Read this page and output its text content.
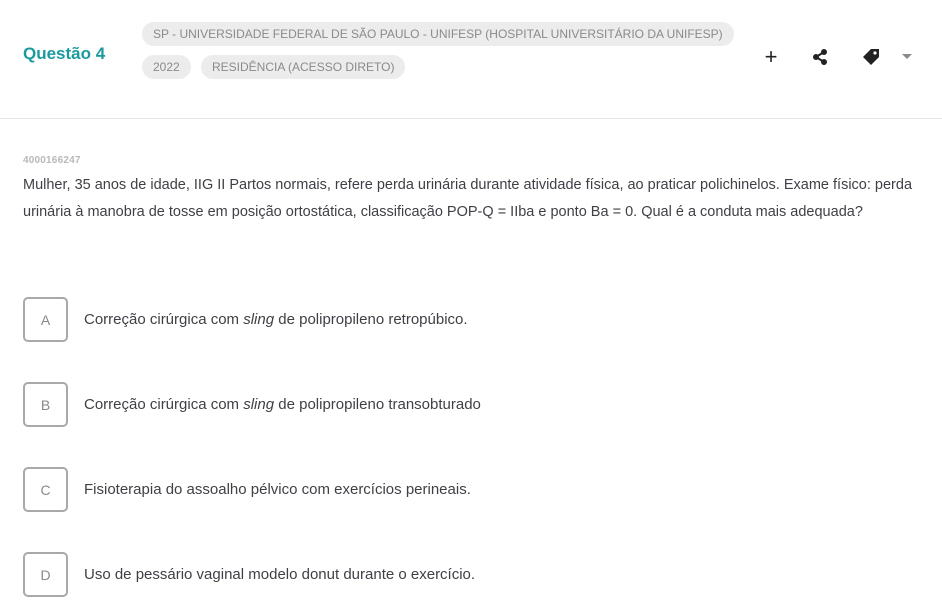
Questão 4
SP - UNIVERSIDADE FEDERAL DE SÃO PAULO - UNIFESP (HOSPITAL UNIVERSITÁRIO DA UNIFESP)
2022	RESIDÊNCIA (ACESSO DIRETO)	+
4000166247
Mulher, 35 anos de idade, IIG II Partos normais, refere perda urinária durante atividade física, ao praticar polichinelos. Exame físico: perda urinária à manobra de tosse em posição ortostática, classificação POP-Q = IIba e ponto Ba = 0. Qual é a conduta mais adequada?
A	Correção cirúrgica com sling de polipropileno retropúbico.
B	Correção cirúrgica com sling de polipropileno transobturado
C	Fisioterapia do assoalho pélvico com exercícios perineais.
D	Uso de pessário vaginal modelo donut durante o exercício.
